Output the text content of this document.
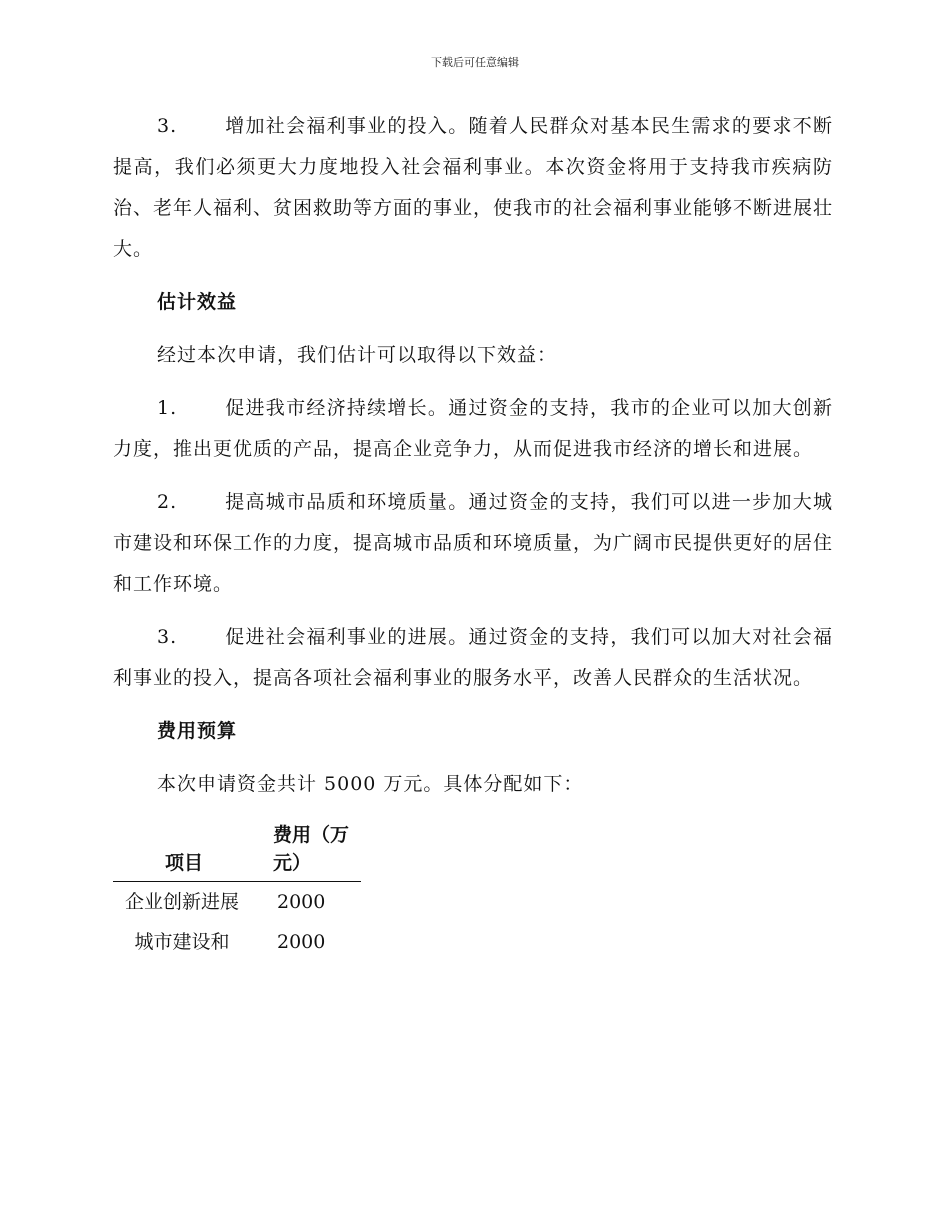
下载后可任意编辑

3.	增加社会福利事业的投入。随着人民群众对基本民生需求的要求不断提高，我们必须更大力度地投入社会福利事业。本次资金将用于支持我市疾病防治、老年人福利、贫困救助等方面的事业，使我市的社会福利事业能够不断进展壮大。

估计效益
经过本次申请，我们估计可以取得以下效益：

1.	促进我市经济持续增长。通过资金的支持，我市的企业可以加大创新力度，推出更优质的产品，提高企业竞争力，从而促进我市经济的增长和进展。

2.	提高城市品质和环境质量。通过资金的支持，我们可以进一步加大城市建设和环保工作的力度，提高城市品质和环境质量，为广阔市民提供更好的居住和工作环境。

3.	促进社会福利事业的进展。通过资金的支持，我们可以加大对社会福利事业的投入，提高各项社会福利事业的服务水平，改善人民群众的生活状况。

费用预算
本次申请资金共计 5000 万元。具体分配如下：
项目	费用（万元）
企业创新进展	2000
城市建设和	2000
